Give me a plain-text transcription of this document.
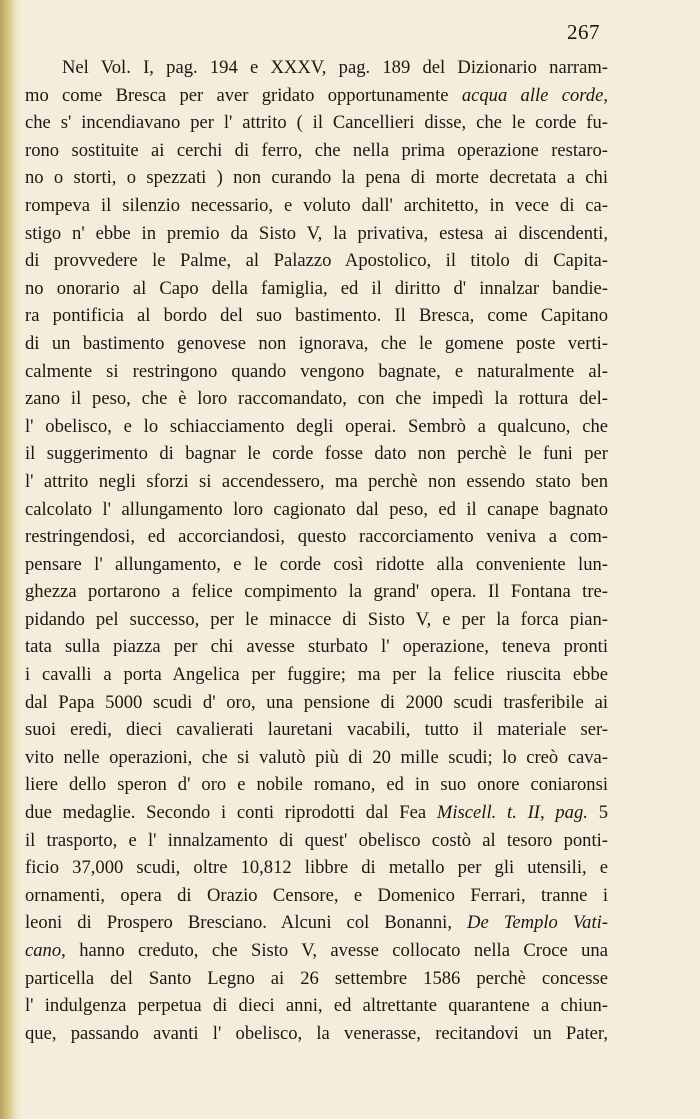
267
Nel Vol. I, pag. 194 e XXXV, pag. 189 del Dizionario narram-
mo come Bresca per aver gridato opportunamente acqua alle corde,
che s' incendiavano per l' attrito ( il Cancellieri disse, che le corde fu-
rono sostituite ai cerchi di ferro, che nella prima operazione restaro-
no o storti, o spezzati ) non curando la pena di morte decretata a chi
rompeva il silenzio necessario, e voluto dall' architetto, in vece di ca-
stigo n' ebbe in premio da Sisto V, la privativa, estesa ai discendenti,
di provvedere le Palme, al Palazzo Apostolico, il titolo di Capita-
no onorario al Capo della famiglia, ed il diritto d' innalzar bandie-
ra pontificia al bordo del suo bastimento. Il Bresca, come Capitano
di un bastimento genovese non ignorava, che le gomene poste verti-
calmente si restringono quando vengono bagnate, e naturalmente al-
zano il peso, che è loro raccomandato, con che impedì la rottura del-
l' obelisco, e lo schiacciamento degli operai. Sembrò a qualcuno, che
il suggerimento di bagnar le corde fosse dato non perchè le funi per
l' attrito negli sforzi si accendessero, ma perchè non essendo stato ben
calcolato l' allungamento loro cagionato dal peso, ed il canape bagnato
restringendosi, ed accorciandosi, questo raccorciamento veniva a com-
pensare l' allungamento, e le corde così ridotte alla conveniente lun-
ghezza portarono a felice compimento la grand' opera. Il Fontana tre-
pidando pel successo, per le minacce di Sisto V, e per la forca pian-
tata sulla piazza per chi avesse sturbato l' operazione, teneva pronti
i cavalli a porta Angelica per fuggire; ma per la felice riuscita ebbe
dal Papa 5000 scudi d' oro, una pensione di 2000 scudi trasferibile ai
suoi eredi, dieci cavalierati lauretani vacabili, tutto il materiale ser-
vito nelle operazioni, che si valutò più di 20 mille scudi; lo creò cava-
liere dello speron d' oro e nobile romano, ed in suo onore coniaronsi
due medaglie. Secondo i conti riprodotti dal Fea Miscell. t. II, pag. 5
il trasporto, e l' innalzamento di quest' obelisco costò al tesoro ponti-
ficio 37,000 scudi, oltre 10,812 libbre di metallo per gli utensili, e
ornamenti, opera di Orazio Censore, e Domenico Ferrari, tranne i
leoni di Prospero Bresciano. Alcuni col Bonanni, De Templo Vati-
cano, hanno creduto, che Sisto V, avesse collocato nella Croce una
particella del Santo Legno ai 26 settembre 1586 perchè concesse
l' indulgenza perpetua di dieci anni, ed altrettante quarantene a chiun-
que, passando avanti l' obelisco, la venerasse, recitandovi un Pater,
